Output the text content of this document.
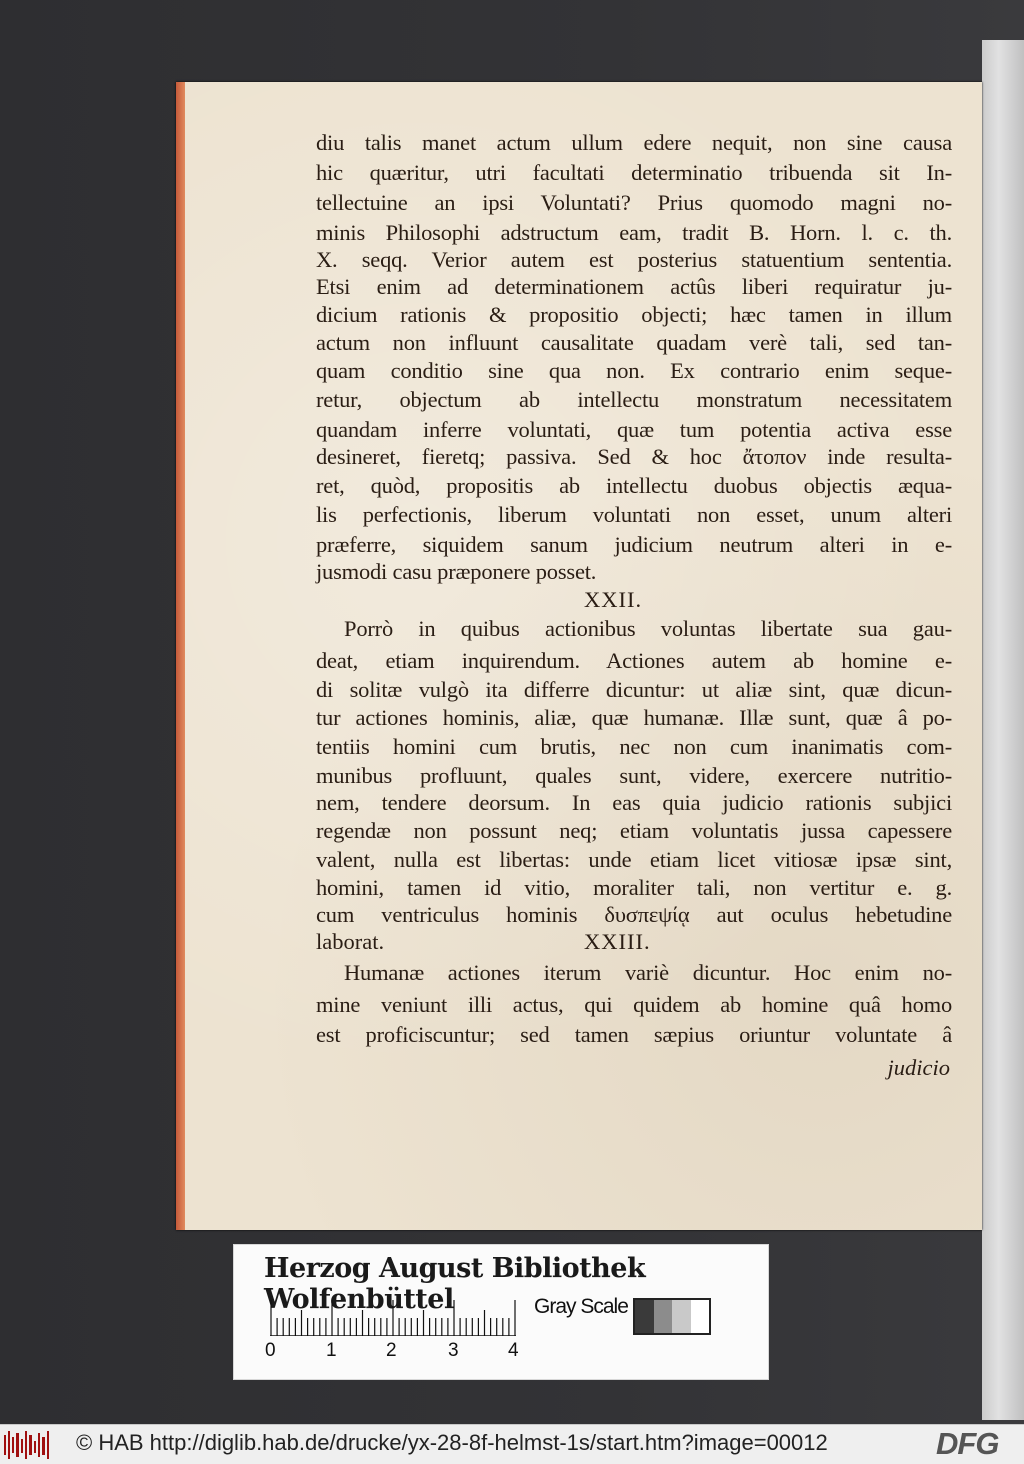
diu talis manet actum ullum edere nequit, non sine causa
hic quæritur, utri facultati determinatio tribuenda sit In-
tellectuine an ipsi Voluntati? Prius quomodo magni no-
minis Philosophi adstructum eam, tradit B. Horn. l. c. th.
X. seqq. Verior autem est posterius statuentium sententia.
Etsi enim ad determinationem actûs liberi requiratur ju-
dicium rationis & propositio objecti; hæc tamen in illum
actum non influunt causalitate quadam verè tali, sed tan-
quam conditio sine qua non. Ex contrario enim seque-
retur, objectum ab intellectu monstratum necessitatem
quandam inferre voluntati, quæ tum potentia activa esse
desineret, fieretq; passiva. Sed & hoc ἄτοπον inde resulta-
ret, quòd, propositis ab intellectu duobus objectis æqua-
lis perfectionis, liberum voluntati non esset, unum alteri
præferre, siquidem sanum judicium neutrum alteri in e-
jusmodi casu præponere posset.
XXII.
Porrò in quibus actionibus voluntas libertate sua gau-
deat, etiam inquirendum. Actiones autem ab homine e-
di solitæ vulgò ita differre dicuntur: ut aliæ sint, quæ dicun-
tur actiones hominis, aliæ, quæ humanæ. Illæ sunt, quæ â po-
tentiis homini cum brutis, nec non cum inanimatis com-
munibus profluunt, quales sunt, videre, exercere nutritio-
nem, tendere deorsum. In eas quia judicio rationis subjici
regendæ non possunt neq; etiam voluntatis jussa capessere
valent, nulla est libertas: unde etiam licet vitiosæ ipsæ sint,
homini, tamen id vitio, moraliter tali, non vertitur e. g.
cum ventriculus hominis δυσπεψίᾳ aut oculus hebetudine
laborat.	XXIII.
Humanæ actiones iterum variè dicuntur. Hoc enim no-
mine veniunt illi actus, qui quidem ab homine quâ homo
est proficiscuntur; sed tamen sæpius oriuntur voluntate â
judicio
Herzog August Bibliothek Wolfenbüttel
0	1	2	3	4
Gray Scale
© HAB http://diglib.hab.de/drucke/yx-28-8f-helmst-1s/start.htm?image=00012	DFG
